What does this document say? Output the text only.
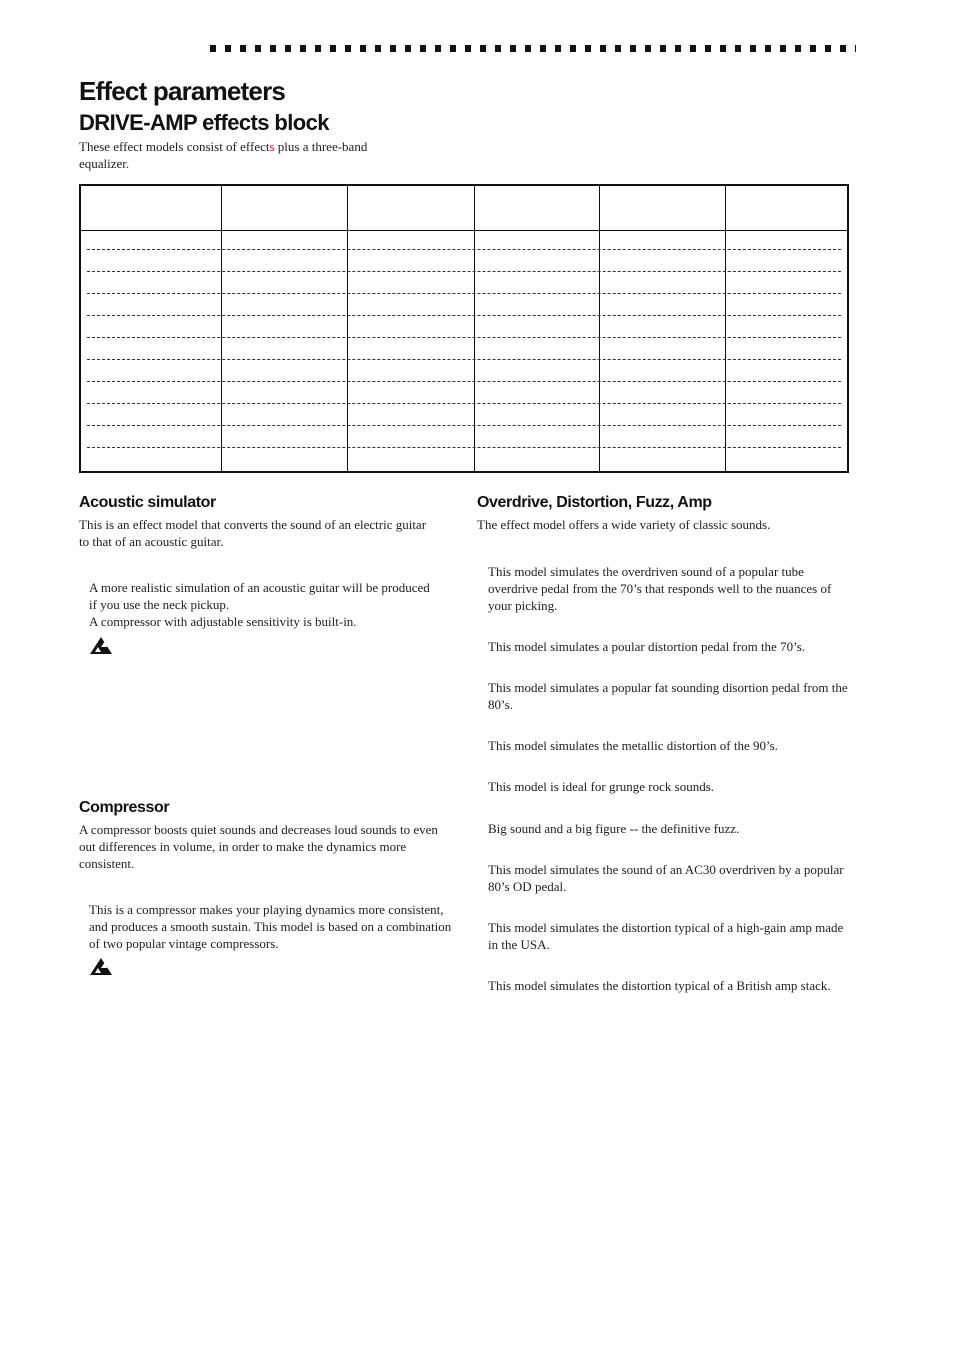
Effect parameters
DRIVE-AMP effects block
These effect models consist of effects plus a three-band equalizer.
Acoustic simulator
This is an effect model that converts the sound of an electric guitar to that of an acoustic guitar.
A more realistic simulation of an acoustic guitar will be produced if you use the neck pickup.
A compressor with adjustable sensitivity is built-in.
Compressor
A compressor boosts quiet sounds and decreases loud sounds to even out differences in volume, in order to make the dynamics more consistent.
This is a compressor makes your playing dynamics more consistent, and produces a smooth sustain. This model is based on a combination of two popular vintage compressors.
Overdrive, Distortion, Fuzz, Amp
The effect model offers a wide variety of classic sounds.
This model simulates the overdriven sound of a popular tube overdrive pedal from the 70’s that responds well to the nuances of your picking.
This model simulates a poular distortion pedal from the 70’s.
This model simulates a popular fat sounding disortion pedal from the 80’s.
This model simulates the metallic distortion of the 90’s.
This model is ideal for grunge rock sounds.
Big sound and a big figure -- the definitive fuzz.
This model simulates the sound of an AC30 overdriven by a popular 80’s OD pedal.
This model simulates the distortion typical of a high-gain amp made in the USA.
This model simulates the distortion typical of a British amp stack.
